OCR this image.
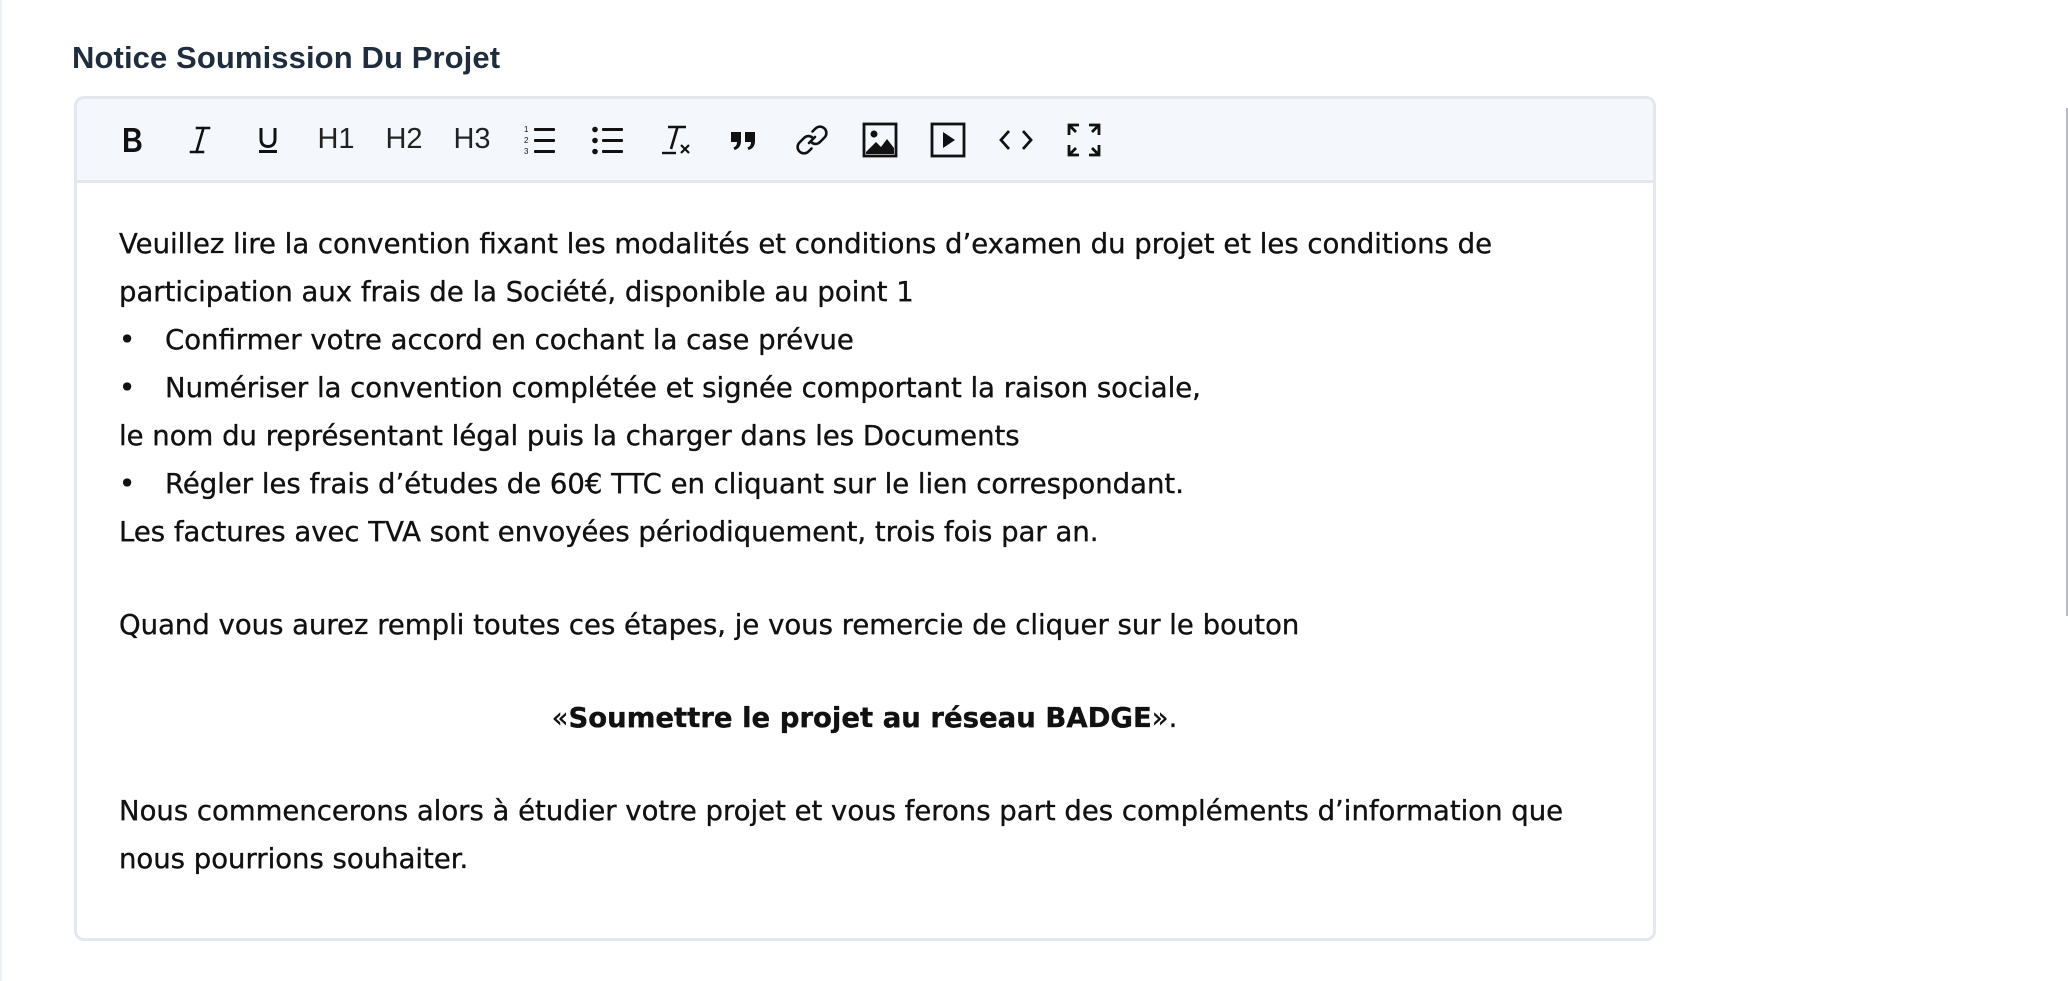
Notice Soumission Du Projet
H1 H2 H3	1
2
3

Veuillez lire la convention fixant les modalités et conditions d’examen du projet et les conditions de

participation aux frais de la Société, disponible au point 1

•	Confirmer votre accord en cochant la case prévue
•	Numériser la convention complétée et signée comportant la raison sociale,

le nom du représentant légal puis la charger dans les Documents

•	Régler les frais d’études de 60€ TTC en cliquant sur le lien correspondant.

Les factures avec TVA sont envoyées périodiquement, trois fois par an.

Quand vous aurez rempli toutes ces étapes, je vous remercie de cliquer sur le bouton

«Soumettre le projet au réseau BADGE».

Nous commencerons alors à étudier votre projet et vous ferons part des compléments d’information que

nous pourrions souhaiter.
